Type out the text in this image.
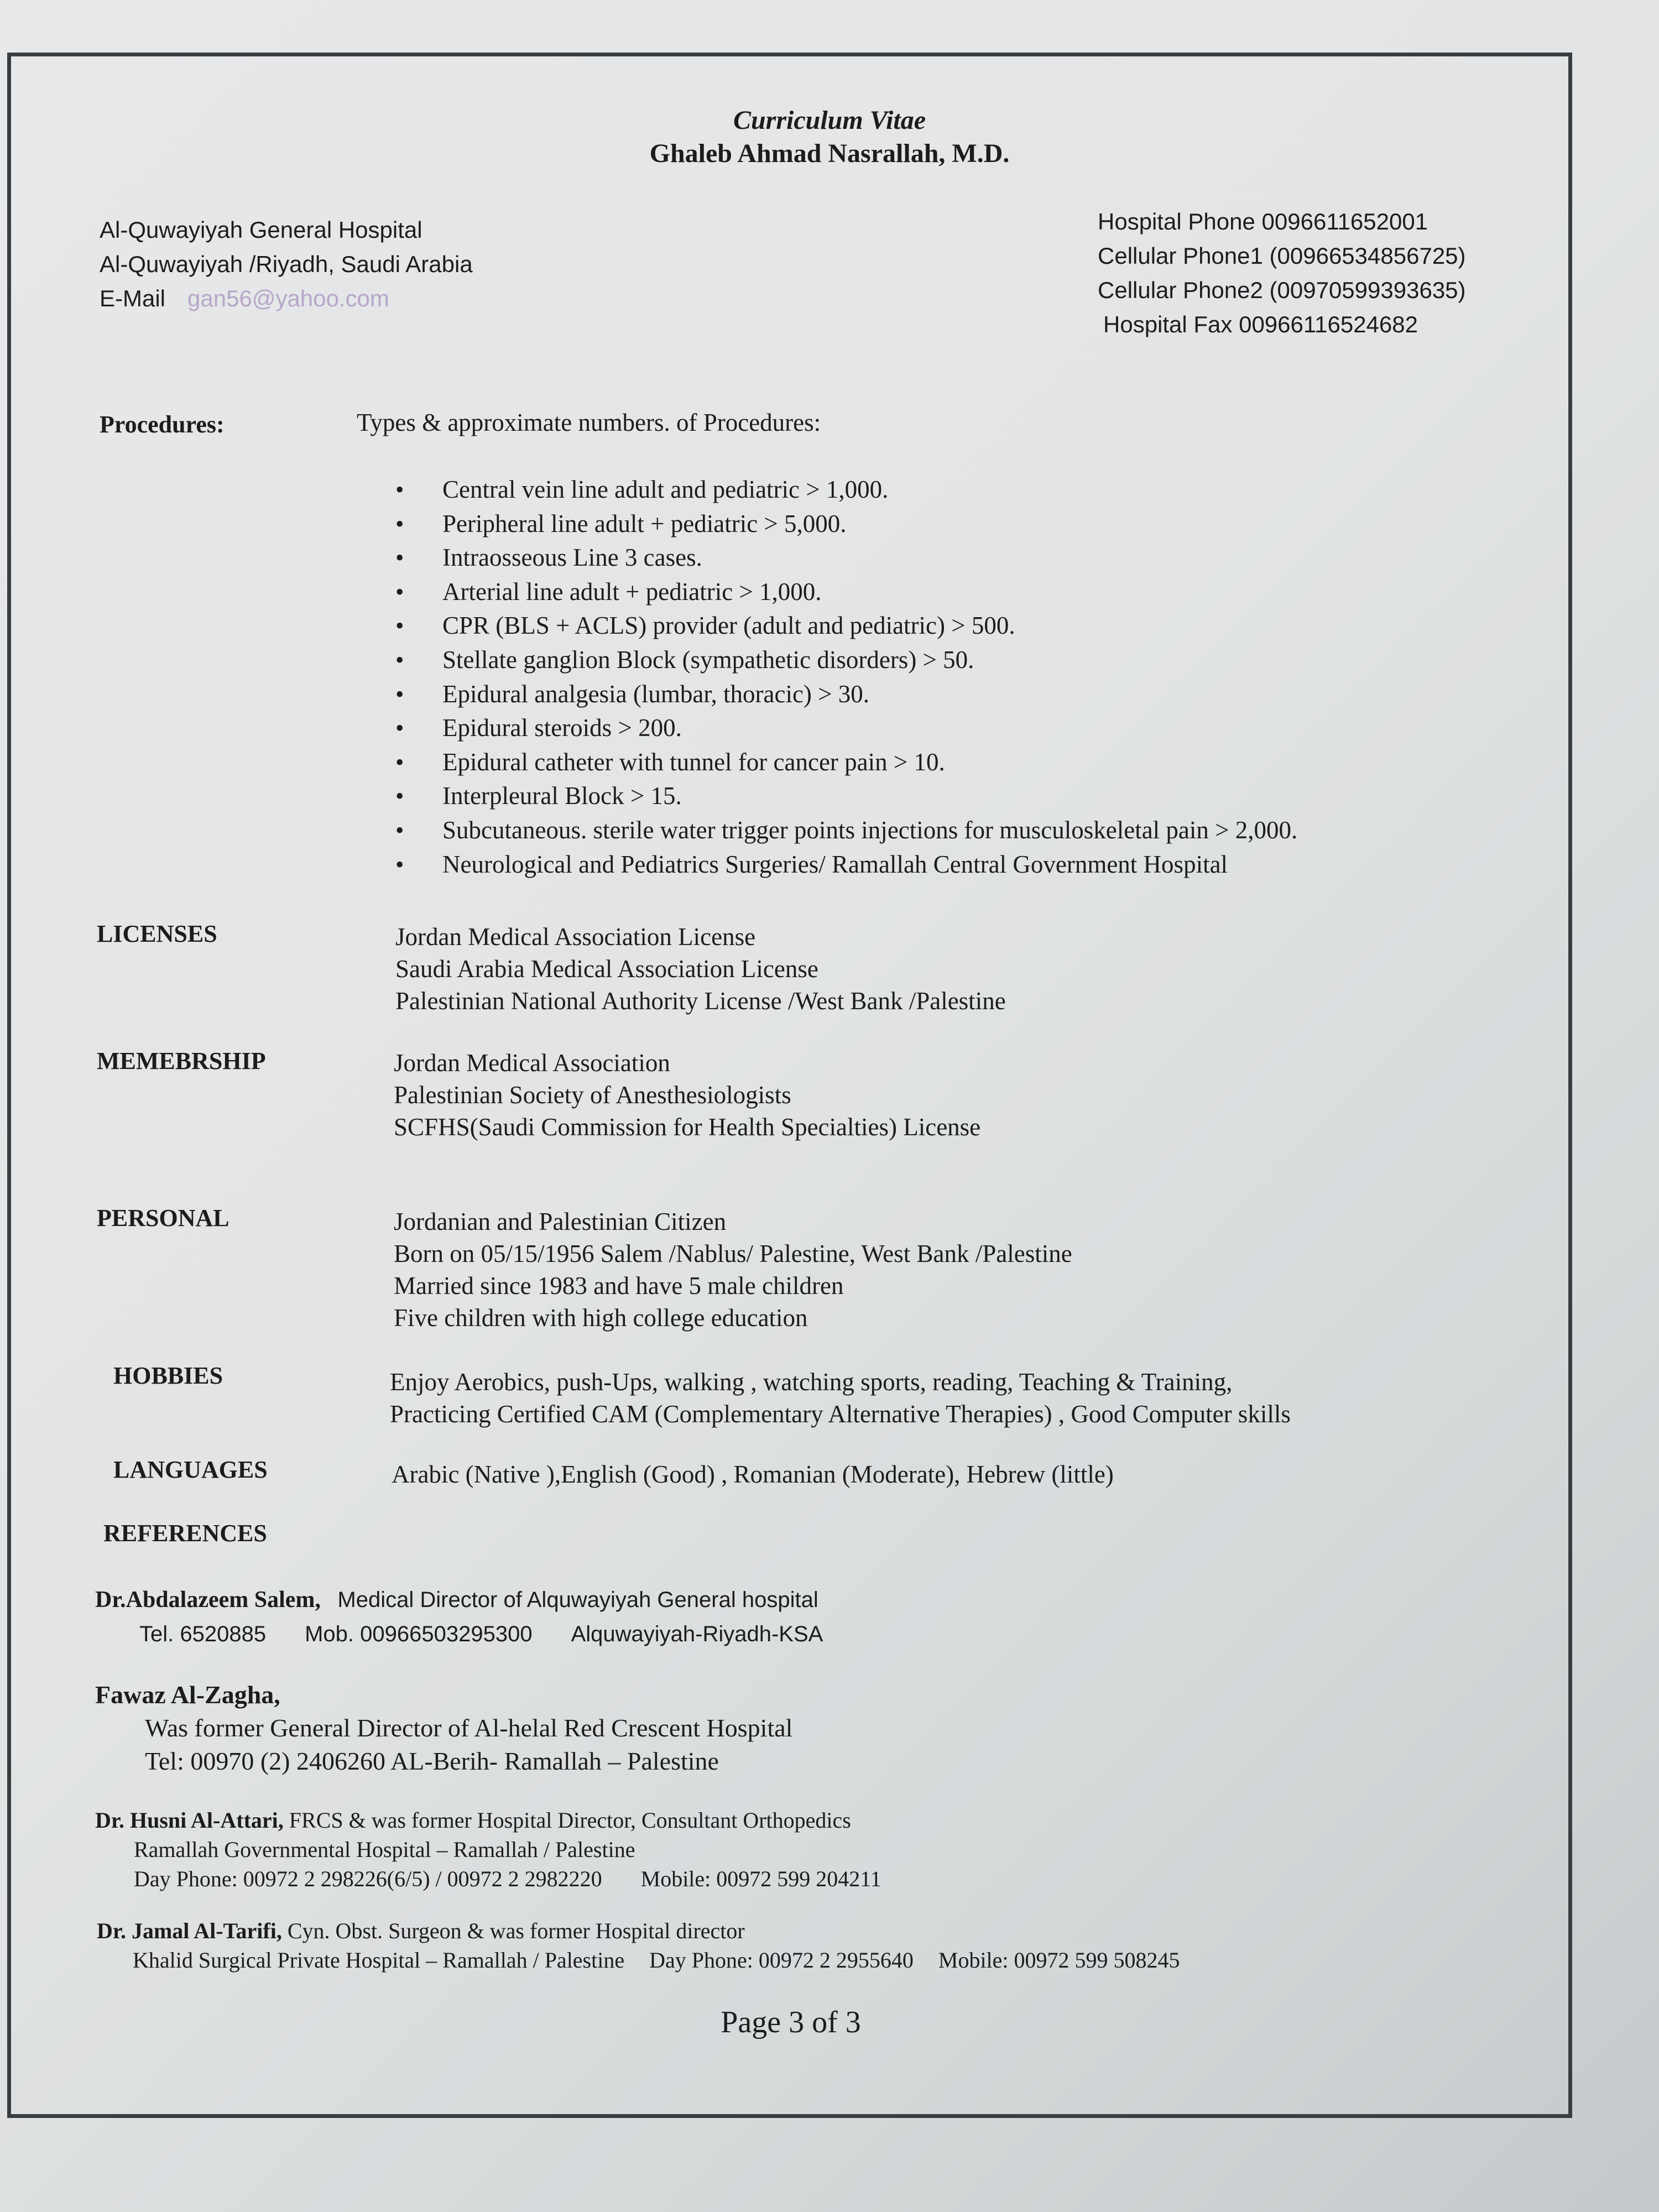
Curriculum Vitae
Ghaleb Ahmad Nasrallah, M.D.
Al-Quwayiyah General Hospital
Al-Quwayiyah /Riyadh, Saudi Arabia
E-Mail gan56@yahoo.com
Hospital Phone 0096611652001
Cellular Phone1 (00966534856725)
Cellular Phone2 (00970599393635)
Hospital Fax 00966116524682
Procedures:	Types & approximate numbers. of Procedures:
• Central vein line adult and pediatric > 1,000.
• Peripheral line adult + pediatric > 5,000.
• Intraosseous Line 3 cases.
• Arterial line adult + pediatric > 1,000.
• CPR (BLS + ACLS) provider (adult and pediatric) > 500.
• Stellate ganglion Block (sympathetic disorders) > 50.
• Epidural analgesia (lumbar, thoracic) > 30.
• Epidural steroids > 200.
• Epidural catheter with tunnel for cancer pain > 10.
• Interpleural Block > 15.
• Subcutaneous. sterile water trigger points injections for musculoskeletal pain > 2,000.
• Neurological and Pediatrics Surgeries/ Ramallah Central Government Hospital
LICENSES	Jordan Medical Association License
Saudi Arabia Medical Association License
Palestinian National Authority License /West Bank /Palestine
MEMEBRSHIP	Jordan Medical Association
Palestinian Society of Anesthesiologists
SCFHS(Saudi Commission for Health Specialties) License
PERSONAL	Jordanian and Palestinian Citizen
Born on 05/15/1956 Salem /Nablus/ Palestine, West Bank /Palestine
Married since 1983 and have 5 male children
Five children with high college education
HOBBIES	Enjoy Aerobics, push-Ups, walking , watching sports, reading, Teaching & Training,
Practicing Certified CAM (Complementary Alternative Therapies) , Good Computer skills
LANGUAGES	Arabic (Native ),English (Good) , Romanian (Moderate), Hebrew (little)
REFERENCES
Dr.Abdalazeem Salem, Medical Director of Alquwayiyah General hospital
Tel. 6520885 Mob. 00966503295300 Alquwayiyah-Riyadh-KSA
Fawaz Al-Zagha,
Was former General Director of Al-helal Red Crescent Hospital
Tel: 00970 (2) 2406260 AL-Berih- Ramallah – Palestine
Dr. Husni Al-Attari, FRCS & was former Hospital Director, Consultant Orthopedics
Ramallah Governmental Hospital – Ramallah / Palestine
Day Phone: 00972 2 298226(6/5) / 00972 2 2982220 Mobile: 00972 599 204211
Dr. Jamal Al-Tarifi, Cyn. Obst. Surgeon & was former Hospital director
Khalid Surgical Private Hospital – Ramallah / Palestine Day Phone: 00972 2 2955640 Mobile: 00972 599 508245
Page 3 of 3
